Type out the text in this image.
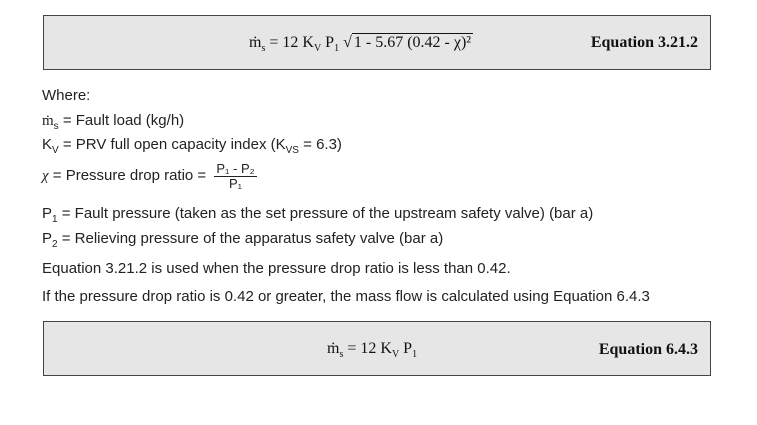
ṁ$_s$ = 12 $K_V$ $P_1$ √ 1 - 5.67 (0.42 - χ)²	Equation 3.21.2
Where:
ṁ$_s$ = Fault load (kg/h)
$K_V$ = PRV full open capacity index $(K_{VS} = 6.3)$
χ = Pressure drop ratio = $\frac{\text{P₁ - P₂}}{\text{P₁}}$
$P_1$ = Fault pressure (taken as the set pressure of the upstream safety valve) (bar a)
$P_2$ = Relieving pressure of the apparatus safety valve (bar a)
Equation 3.21.2 is used when the pressure drop ratio is less than 0.42.
If the pressure drop ratio is 0.42 or greater, the mass flow is calculated using Equation 6.4.3
ṁ$_s$ = 12 $K_V$ $P_1$	Equation 6.4.3
